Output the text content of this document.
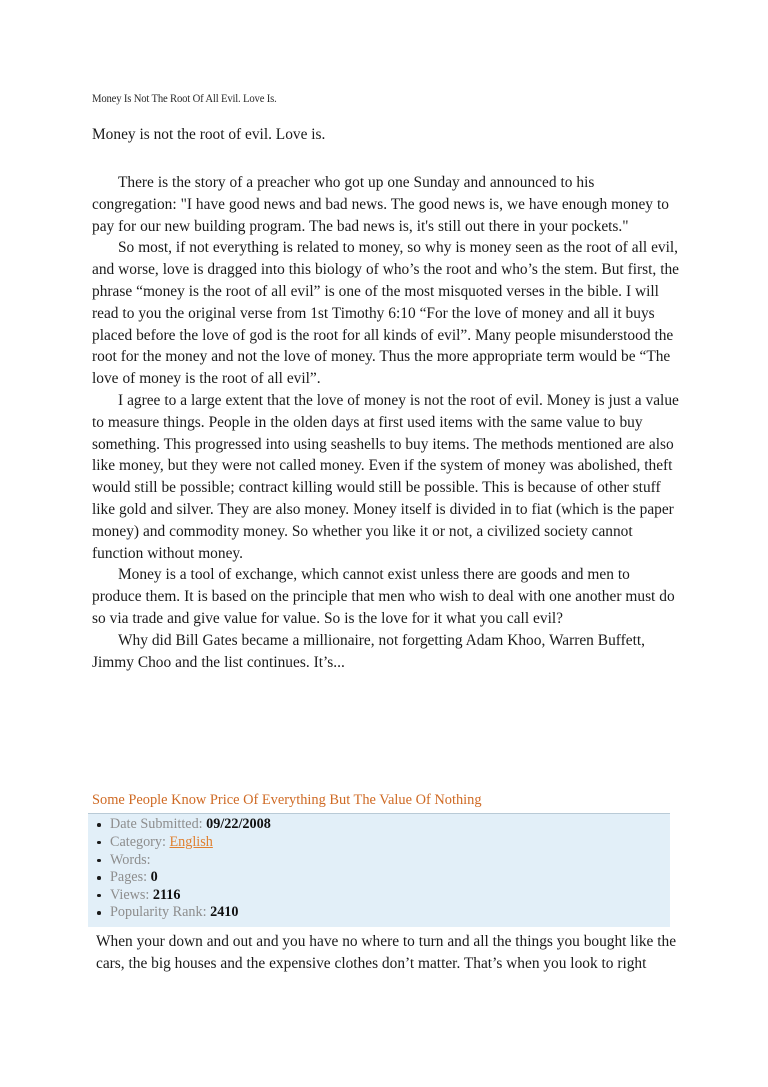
Money Is Not The Root Of All Evil. Love Is.
Money is not the root of evil. Love is.

There is the story of a preacher who got up one Sunday and announced to his congregation: "I have good news and bad news. The good news is, we have enough money to pay for our new building program. The bad news is, it's still out there in your pockets."

So most, if not everything is related to money, so why is money seen as the root of all evil, and worse, love is dragged into this biology of who’s the root and who’s the stem. But first, the phrase “money is the root of all evil” is one of the most misquoted verses in the bible. I will read to you the original verse from 1st Timothy 6:10 “For the love of money and all it buys placed before the love of god is the root for all kinds of evil”. Many people misunderstood the root for the money and not the love of money. Thus the more appropriate term would be “The love of money is the root of all evil”.

I agree to a large extent that the love of money is not the root of evil. Money is just a value to measure things. People in the olden days at first used items with the same value to buy something. This progressed into using seashells to buy items. The methods mentioned are also like money, but they were not called money. Even if the system of money was abolished, theft would still be possible; contract killing would still be possible. This is because of other stuff like gold and silver. They are also money. Money itself is divided in to fiat (which is the paper money) and commodity money. So whether you like it or not, a civilized society cannot function without money.

Money is a tool of exchange, which cannot exist unless there are goods and men to produce them. It is based on the principle that men who wish to deal with one another must do so via trade and give value for value. So is the love for it what you call evil?

Why did Bill Gates became a millionaire, not forgetting Adam Khoo, Warren Buffett, Jimmy Choo and the list continues. It’s...

Some People Know Price Of Everything But The Value Of Nothing
Date Submitted: 09/22/2008
Category: English
Words:
Pages: 0
Views: 2116
Popularity Rank: 2410

When your down and out and you have no where to turn and all the things you bought like the cars, the big houses and the expensive clothes don’t matter. That’s when you look to right
